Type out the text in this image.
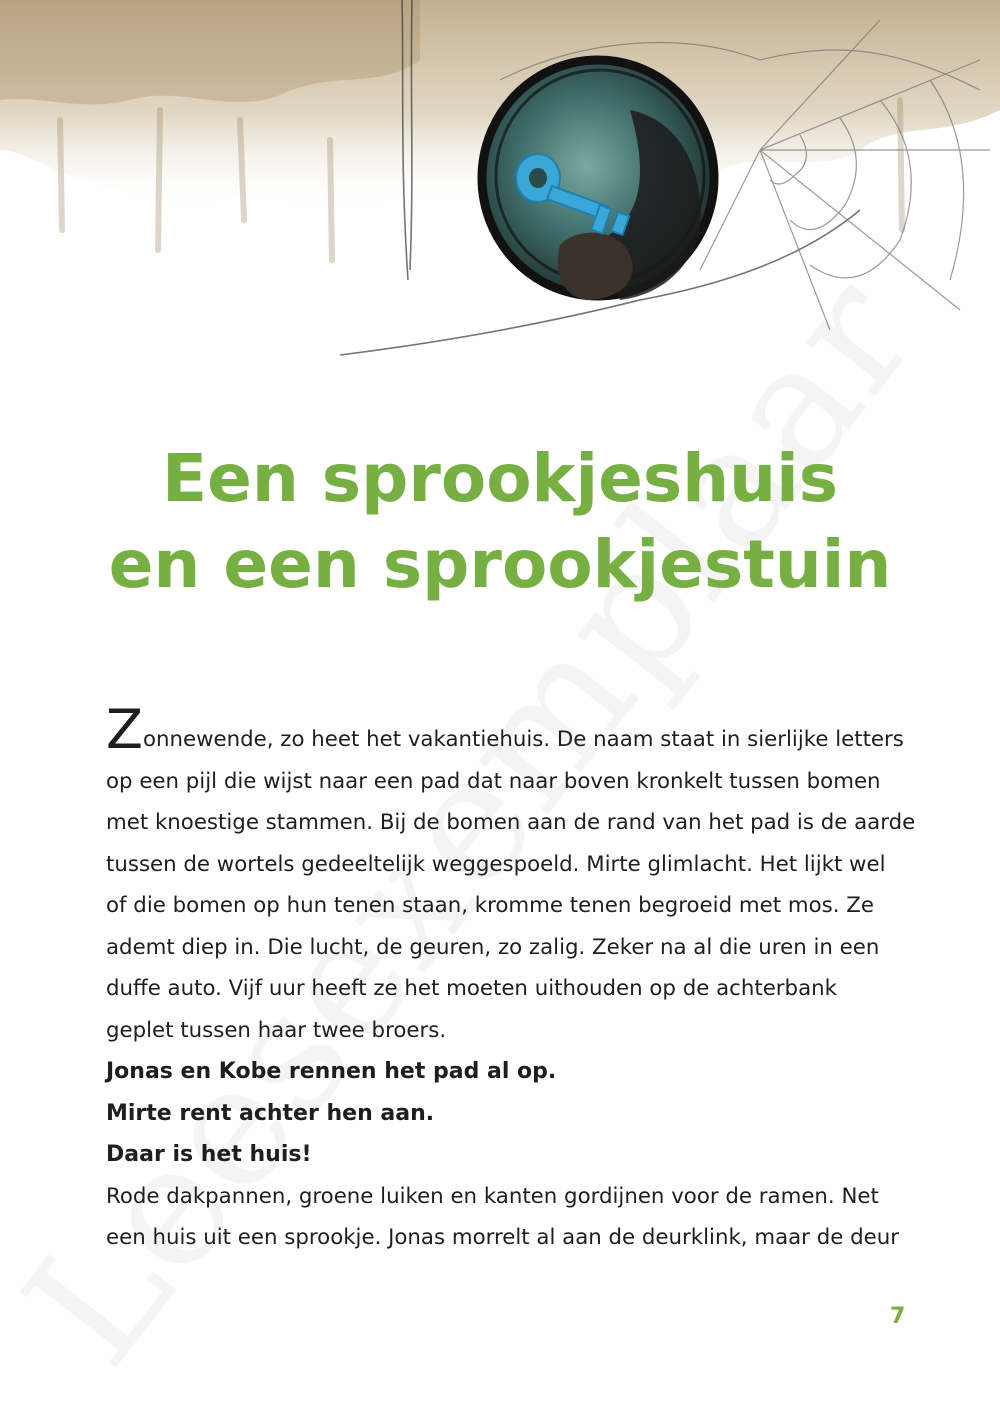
Een sprookjeshuis
en een sprookjestuin
Zonnewende, zo heet het vakantiehuis. De naam staat in sierlijke letters
op een pijl die wijst naar een pad dat naar boven kronkelt tussen bomen
met knoestige stammen. Bij de bomen aan de rand van het pad is de aarde
tussen de wortels gedeeltelijk weggespoeld. Mirte glimlacht. Het lijkt wel
of die bomen op hun tenen staan, kromme tenen begroeid met mos. Ze
ademt diep in. Die lucht, de geuren, zo zalig. Zeker na al die uren in een
duffe auto. Vijf uur heeft ze het moeten uithouden op de achterbank
geplet tussen haar twee broers.
Jonas en Kobe rennen het pad al op.
Mirte rent achter hen aan.
Daar is het huis!
Rode dakpannen, groene luiken en kanten gordijnen voor de ramen. Net
een huis uit een sprookje. Jonas morrelt al aan de deurklink, maar de deur
7
